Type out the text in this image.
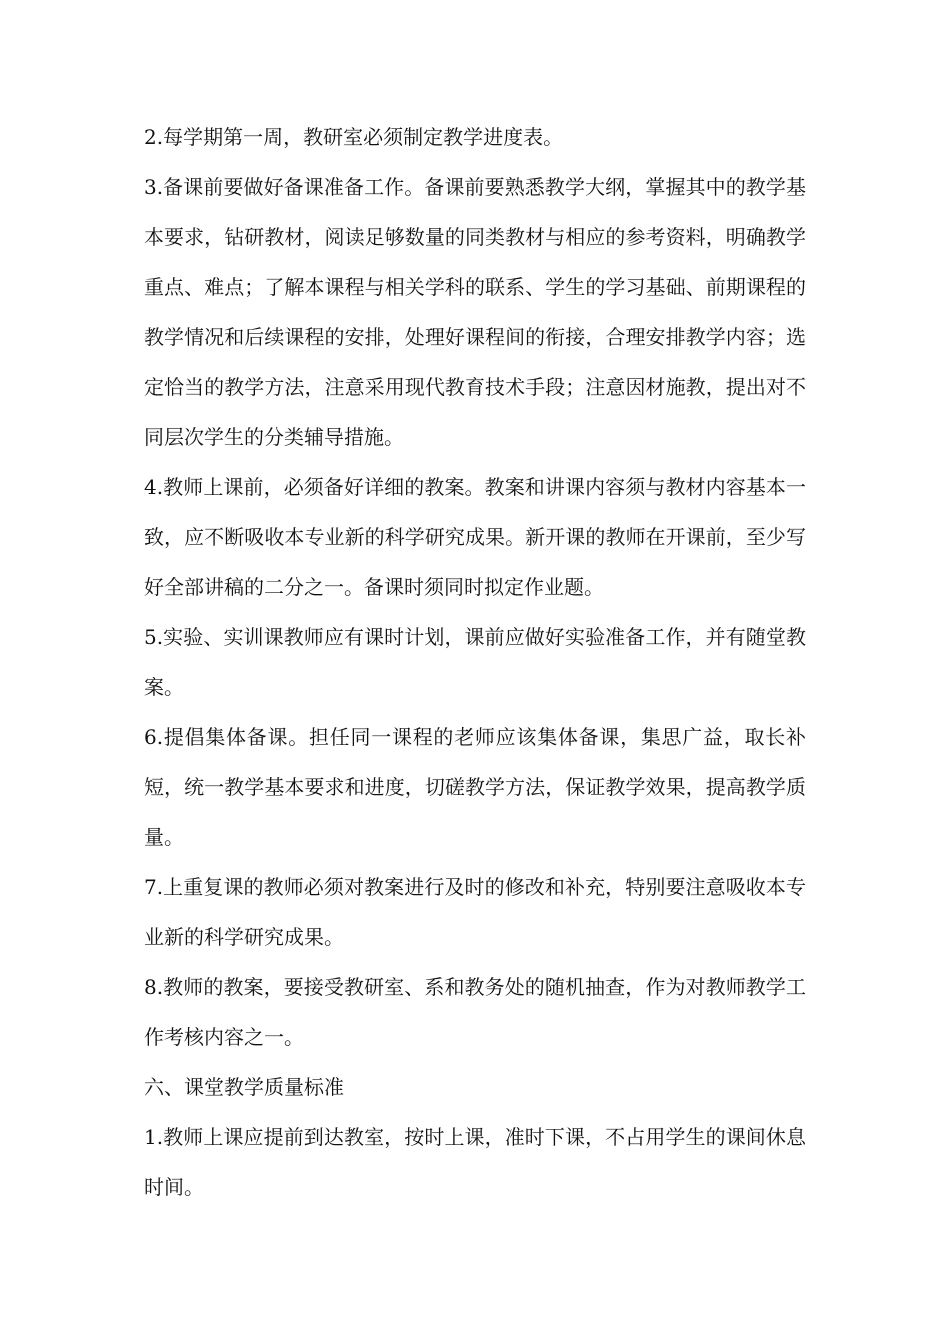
2.每学期第一周，教研室必须制定教学进度表。

3.备课前要做好备课准备工作。备课前要熟悉教学大纲，掌握其中的教学基本要求，钻研教材，阅读足够数量的同类教材与相应的参考资料，明确教学重点、难点；了解本课程与相关学科的联系、学生的学习基础、前期课程的教学情况和后续课程的安排，处理好课程间的衔接，合理安排教学内容；选定恰当的教学方法，注意采用现代教育技术手段；注意因材施教，提出对不同层次学生的分类辅导措施。

4.教师上课前，必须备好详细的教案。教案和讲课内容须与教材内容基本一致，应不断吸收本专业新的科学研究成果。新开课的教师在开课前，至少写好全部讲稿的二分之一。备课时须同时拟定作业题。

5.实验、实训课教师应有课时计划，课前应做好实验准备工作，并有随堂教案。

6.提倡集体备课。担任同一课程的老师应该集体备课，集思广益，取长补短，统一教学基本要求和进度，切磋教学方法，保证教学效果，提高教学质量。

7.上重复课的教师必须对教案进行及时的修改和补充，特别要注意吸收本专业新的科学研究成果。

8.教师的教案，要接受教研室、系和教务处的随机抽查，作为对教师教学工作考核内容之一。

六、课堂教学质量标准

1.教师上课应提前到达教室，按时上课，准时下课，不占用学生的课间休息时间。
